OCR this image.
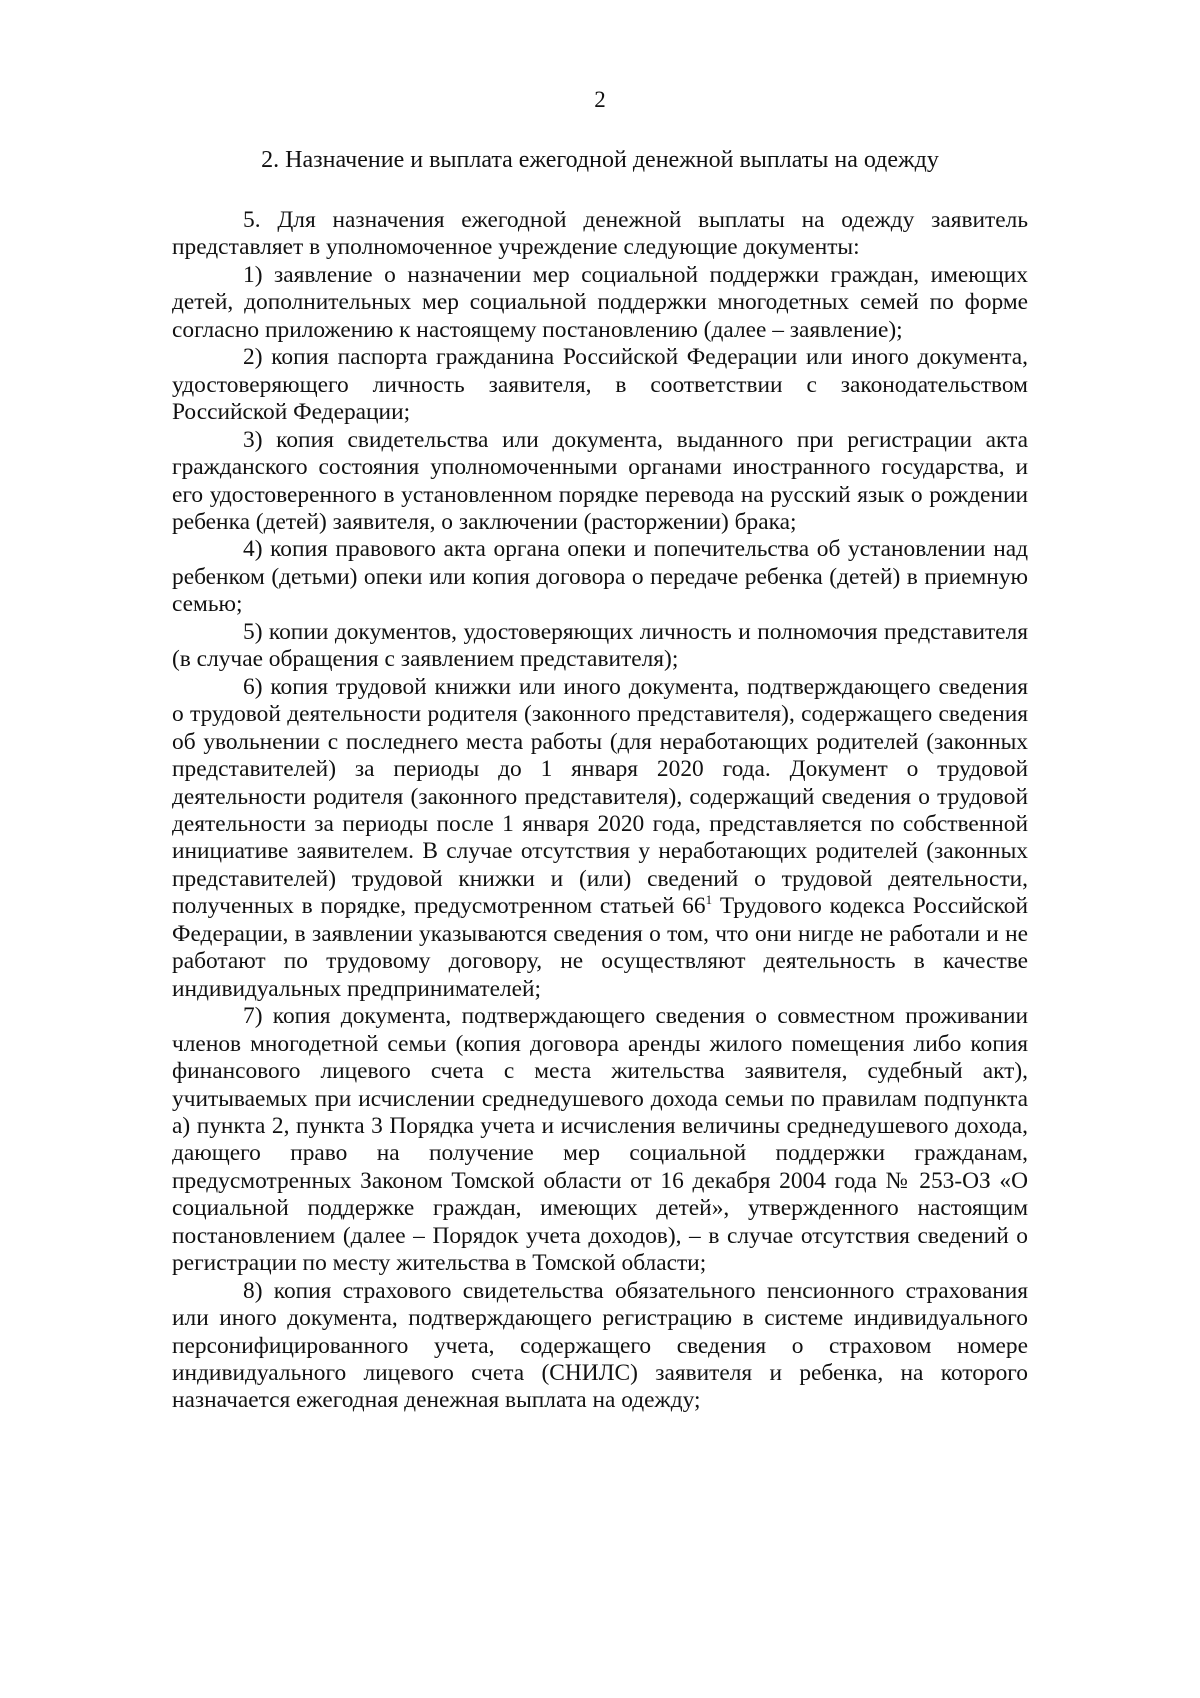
2
2. Назначение и выплата ежегодной денежной выплаты на одежду

5. Для назначения ежегодной денежной выплаты на одежду заявитель представляет в уполномоченное учреждение следующие документы:

1) заявление о назначении мер социальной поддержки граждан, имеющих детей, дополнительных мер социальной поддержки многодетных семей по форме согласно приложению к настоящему постановлению (далее – заявление);

2) копия паспорта гражданина Российской Федерации или иного документа, удостоверяющего личность заявителя, в соответствии с законодательством Российской Федерации;

3) копия свидетельства или документа, выданного при регистрации акта гражданского состояния уполномоченными органами иностранного государства, и его удостоверенного в установленном порядке перевода на русский язык о рождении ребенка (детей) заявителя, о заключении (расторжении) брака;

4) копия правового акта органа опеки и попечительства об установлении над ребенком (детьми) опеки или копия договора о передаче ребенка (детей) в приемную семью;

5) копии документов, удостоверяющих личность и полномочия представителя (в случае обращения с заявлением представителя);

6) копия трудовой книжки или иного документа, подтверждающего сведения о трудовой деятельности родителя (законного представителя), содержащего сведения об увольнении с последнего места работы (для неработающих родителей (законных представителей) за периоды до 1 января 2020 года. Документ о трудовой деятельности родителя (законного представителя), содержащий сведения о трудовой деятельности за периоды после 1 января 2020 года, представляется по собственной инициативе заявителем. В случае отсутствия у неработающих родителей (законных представителей) трудовой книжки и (или) сведений о трудовой деятельности, полученных в порядке, предусмотренном статьей $66^1$ Трудового кодекса Российской Федерации, в заявлении указываются сведения о том, что они нигде не работали и не работают по трудовому договору, не осуществляют деятельность в качестве индивидуальных предпринимателей;

7) копия документа, подтверждающего сведения о совместном проживании членов многодетной семьи (копия договора аренды жилого помещения либо копия финансового лицевого счета с места жительства заявителя, судебный акт), учитываемых при исчислении среднедушевого дохода семьи по правилам подпункта а) пункта 2, пункта 3 Порядка учета и исчисления величины среднедушевого дохода, дающего право на получение мер социальной поддержки гражданам, предусмотренных Законом Томской области от 16 декабря 2004 года № 253-ОЗ «О социальной поддержке граждан, имеющих детей», утвержденного настоящим постановлением (далее – Порядок учета доходов), – в случае отсутствия сведений о регистрации по месту жительства в Томской области;

8) копия страхового свидетельства обязательного пенсионного страхования или иного документа, подтверждающего регистрацию в системе индивидуального персонифицированного учета, содержащего сведения о страховом номере индивидуального лицевого счета (СНИЛС) заявителя и ребенка, на которого назначается ежегодная денежная выплата на одежду;
